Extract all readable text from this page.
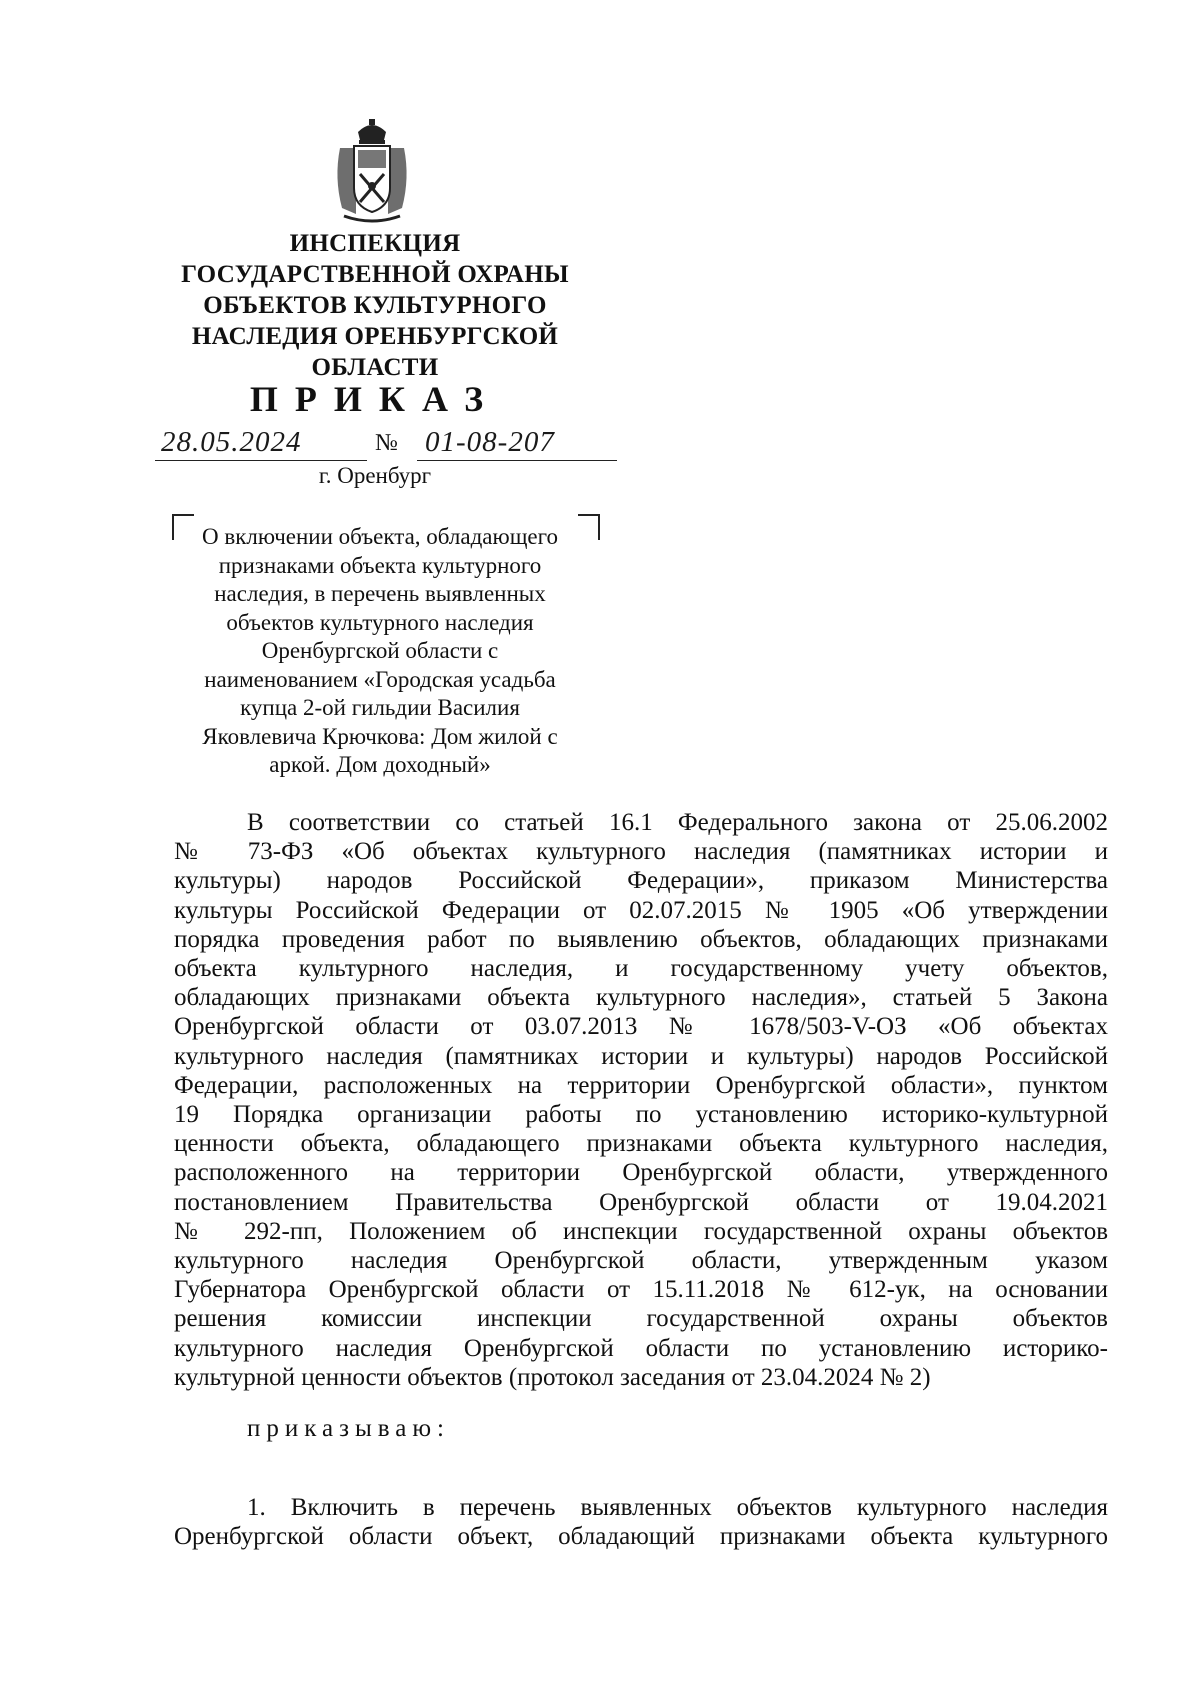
ИНСПЕКЦИЯ
ГОСУДАРСТВЕННОЙ ОХРАНЫ
ОБЪЕКТОВ КУЛЬТУРНОГО
НАСЛЕДИЯ ОРЕНБУРГСКОЙ
ОБЛАСТИ
ПРИКАЗ
28.05.2024	№ 01-08-207
г. Оренбург
О включении объекта, обладающего
признаками объекта культурного
наследия, в перечень выявленных
объектов культурного наследия
Оренбургской области с
наименованием «Городская усадьба
купца 2-ой гильдии Василия
Яковлевича Крючкова: Дом жилой с
аркой. Дом доходный»
В соответствии со статьей 16.1 Федерального закона от 25.06.2002
№ 73-ФЗ «Об объектах культурного наследия (памятниках истории и
культуры) народов Российской Федерации», приказом Министерства
культуры Российской Федерации от 02.07.2015 № 1905 «Об утверждении
порядка проведения работ по выявлению объектов, обладающих признаками
объекта культурного наследия, и государственному учету объектов,
обладающих признаками объекта культурного наследия», статьей 5 Закона
Оренбургской области от 03.07.2013 № 1678/503-V-ОЗ «Об объектах
культурного наследия (памятниках истории и культуры) народов Российской
Федерации, расположенных на территории Оренбургской области», пунктом
19 Порядка организации работы по установлению историко-культурной
ценности объекта, обладающего признаками объекта культурного наследия,
расположенного на территории Оренбургской области, утвержденного
постановлением Правительства Оренбургской области от 19.04.2021
№ 292-пп, Положением об инспекции государственной охраны объектов
культурного наследия Оренбургской области, утвержденным указом
Губернатора Оренбургской области от 15.11.2018 № 612-ук, на основании
решения комиссии инспекции государственной охраны объектов
культурного наследия Оренбургской области по установлению историко-
культурной ценности объектов (протокол заседания от 23.04.2024 № 2)
приказываю:
1. Включить в перечень выявленных объектов культурного наследия
Оренбургской области объект, обладающий признаками объекта культурного
